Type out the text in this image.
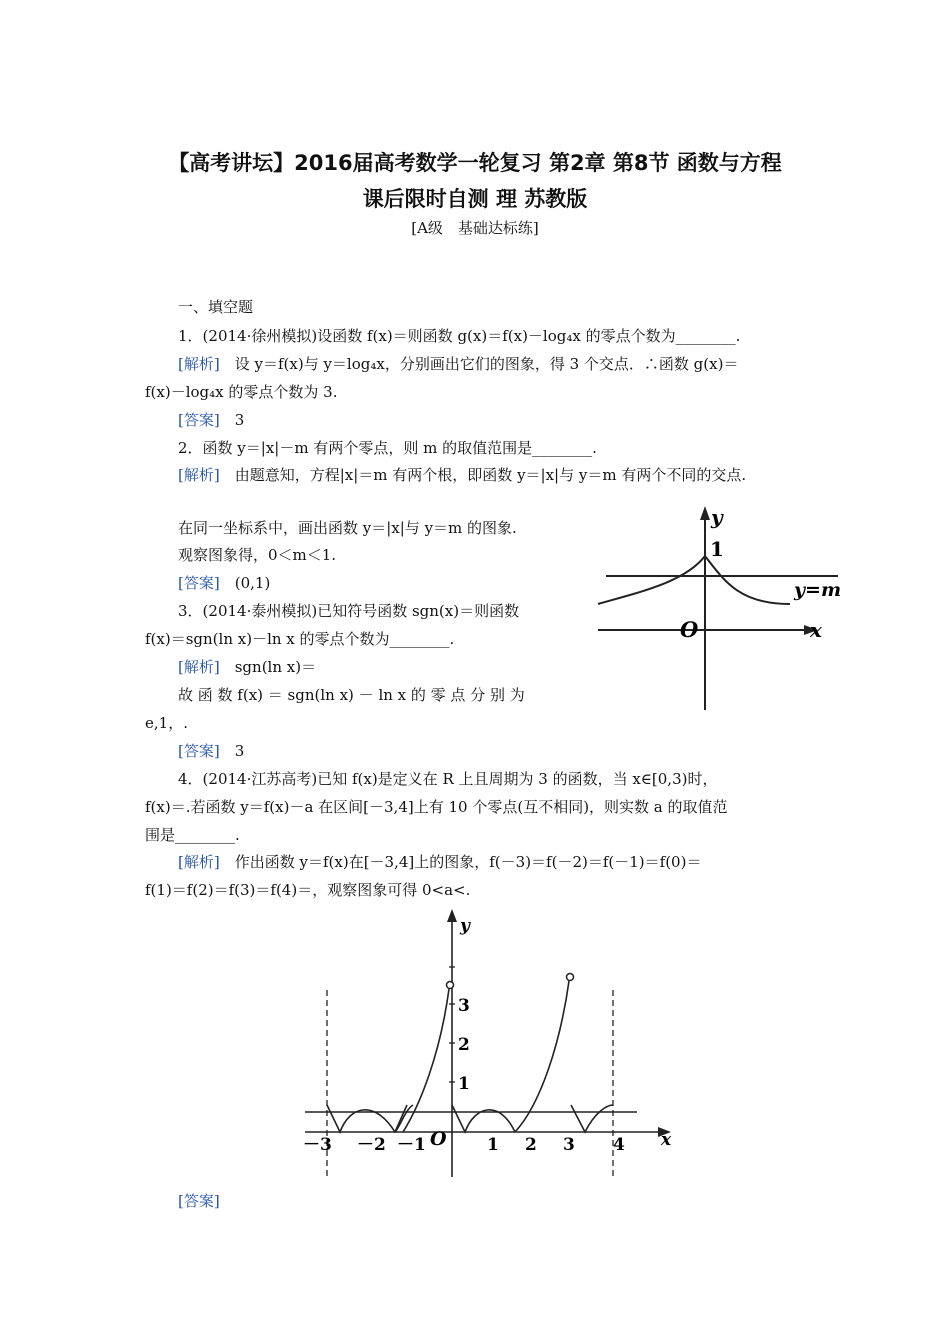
【高考讲坛】2016届高考数学一轮复习 第2章 第8节 函数与方程
课后限时自测 理 苏教版
[A级　基础达标练]
一、填空题
1．(2014·徐州模拟)设函数 f(x)＝则函数 g(x)＝f(x)－log₄x 的零点个数为________.
[解析]　 设 y＝f(x)与 y＝log₄x，分别画出它们的图象，得 3 个交点．∴函数 g(x)＝
f(x)－log₄x 的零点个数为 3.
[答案]　 3
2．函数 y＝|x|－m 有两个零点，则 m 的取值范围是________.
[解析]　 由题意知，方程|x|＝m 有两个根，即函数 y＝|x|与 y＝m 有两个不同的交点.
在同一坐标系中，画出函数 y＝|x|与 y＝m 的图象.
观察图象得，0＜m＜1.
[答案]　 (0,1)
y
1
y=m
O	x
3．(2014·泰州模拟)已知符号函数 sgn(x)＝则函数
f(x)＝sgn(ln x)－ln x 的零点个数为________.
[解析]　 sgn(ln x)＝
故 函 数 f(x) ＝ sgn(ln x) － ln x 的 零 点 分 别 为
e,1，.
[答案]　 3
4．(2014·江苏高考)已知 f(x)是定义在 R 上且周期为 3 的函数，当 x∈[0,3)时，
f(x)＝.若函数 y＝f(x)－a 在区间[－3,4]上有 10 个零点(互不相同)，则实数 a 的取值范
围是________.
[解析]　 作出函数 y＝f(x)在[－3,4]上的图象，f(－3)＝f(－2)＝f(－1)＝f(0)＝
f(1)＝f(2)＝f(3)＝f(4)＝，观察图象可得 0<a<.
y
x
O
3
2
1
－3 －2 －1	1 2 3 4
[答案]
